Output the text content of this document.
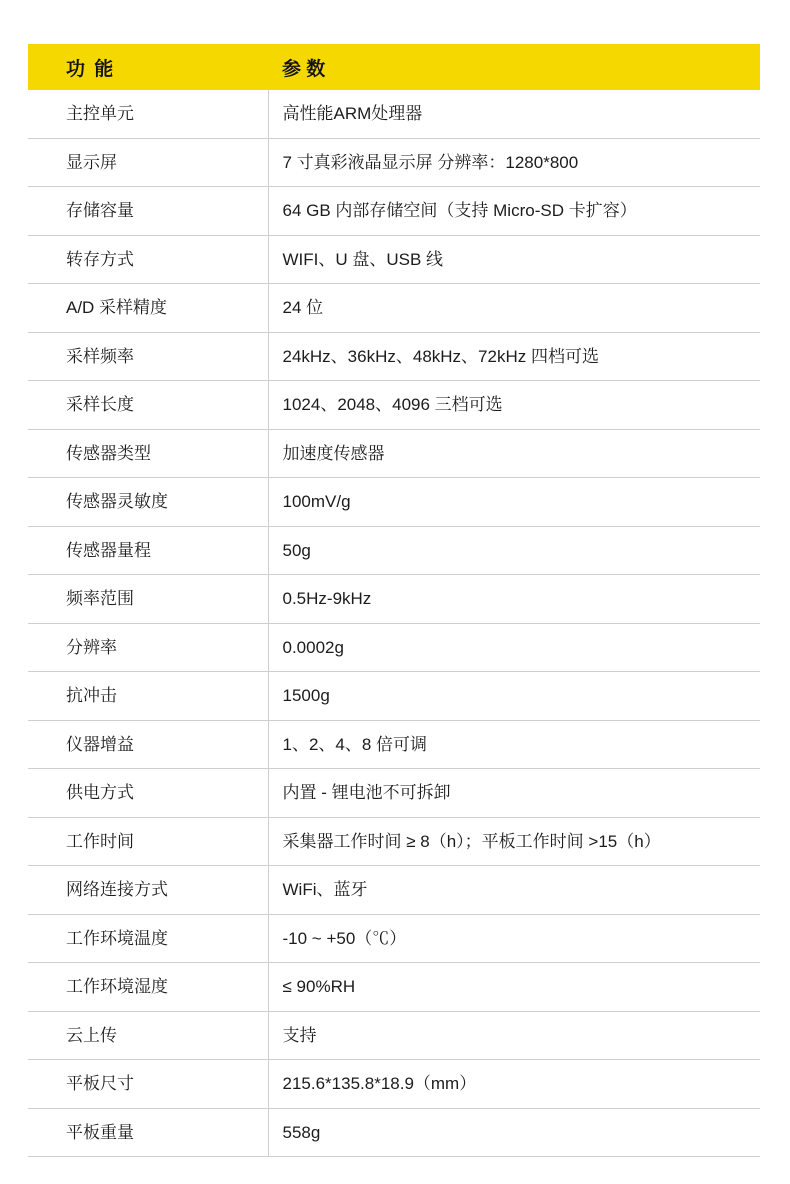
功 能	参 数
主控单元	高性能ARM处理器
显示屏	7 寸真彩液晶显示屏 分辨率：1280*800
存储容量	64 GB 内部存储空间（支持 Micro-SD 卡扩容）
转存方式	WIFI、U 盘、USB 线
A/D 采样精度	24 位
采样频率	24kHz、36kHz、48kHz、72kHz 四档可选
采样长度	1024、2048、4096 三档可选
传感器类型	加速度传感器
传感器灵敏度	100mV/g
传感器量程	50g
频率范围	0.5Hz-9kHz
分辨率	0.0002g
抗冲击	1500g
仪器增益	1、2、4、8 倍可调
供电方式	内置 - 锂电池不可拆卸
工作时间	采集器工作时间 ≥ 8（h）；平板工作时间 >15（h）
网络连接方式	WiFi、蓝牙
工作环境温度	-10 ~ +50（℃）
工作环境湿度	≤ 90%RH
云上传	支持
平板尺寸	215.6*135.8*18.9（mm）
平板重量	558g
